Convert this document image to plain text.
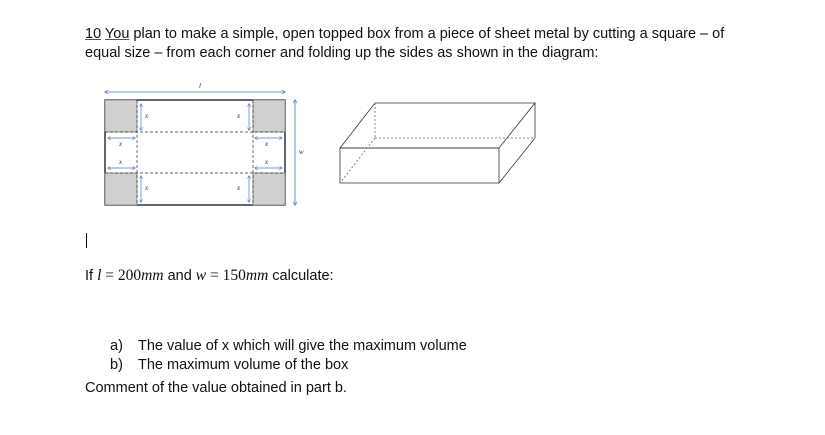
10 You plan to make a simple, open topped box from a piece of sheet metal by cutting a square – of
equal size – from each corner and folding up the sides as shown in the diagram:
l
x
x
x
x
x
x
x
x
w
If l = 200mm and w = 150mm calculate:
a) The value of x which will give the maximum volume
b) The maximum volume of the box
Comment of the value obtained in part b.
